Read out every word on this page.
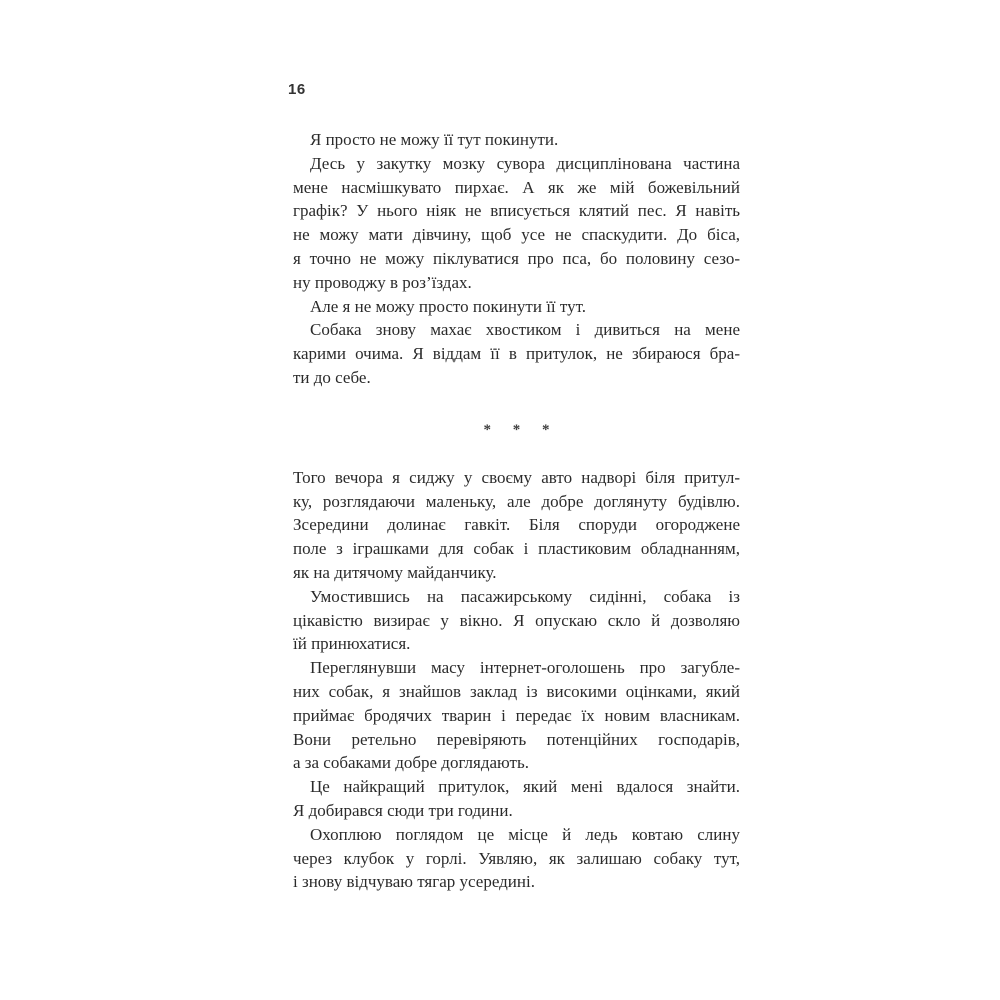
16
Я просто не можу її тут покинути.
Десь у закутку мозку сувора дисциплінована частина
мене насмішкувато пирхає. А як же мій божевільний
графік? У нього ніяк не вписується клятий пес. Я навіть
не можу мати дівчину, щоб усе не спаскудити. До біса,
я точно не можу піклуватися про пса, бо половину сезо-
ну проводжу в роз’їздах.
Але я не можу просто покинути її тут.
Собака знову махає хвостиком і дивиться на мене
карими очима. Я віддам її в притулок, не збираюся бра-
ти до себе.
* * *
Того вечора я сиджу у своєму авто надворі біля притул-
ку, розглядаючи маленьку, але добре доглянуту будівлю.
Зсередини долинає гавкіт. Біля споруди огороджене
поле з іграшками для собак і пластиковим обладнанням,
як на дитячому майданчику.
Умостившись на пасажирському сидінні, собака із
цікавістю визирає у вікно. Я опускаю скло й дозволяю
їй принюхатися.
Переглянувши масу інтернет-оголошень про загубле-
них собак, я знайшов заклад із високими оцінками, який
приймає бродячих тварин і передає їх новим власникам.
Вони ретельно перевіряють потенційних господарів,
а за собаками добре доглядають.
Це найкращий притулок, який мені вдалося знайти.
Я добирався сюди три години.
Охоплюю поглядом це місце й ледь ковтаю слину
через клубок у горлі. Уявляю, як залишаю собаку тут,
і знову відчуваю тягар усередині.
